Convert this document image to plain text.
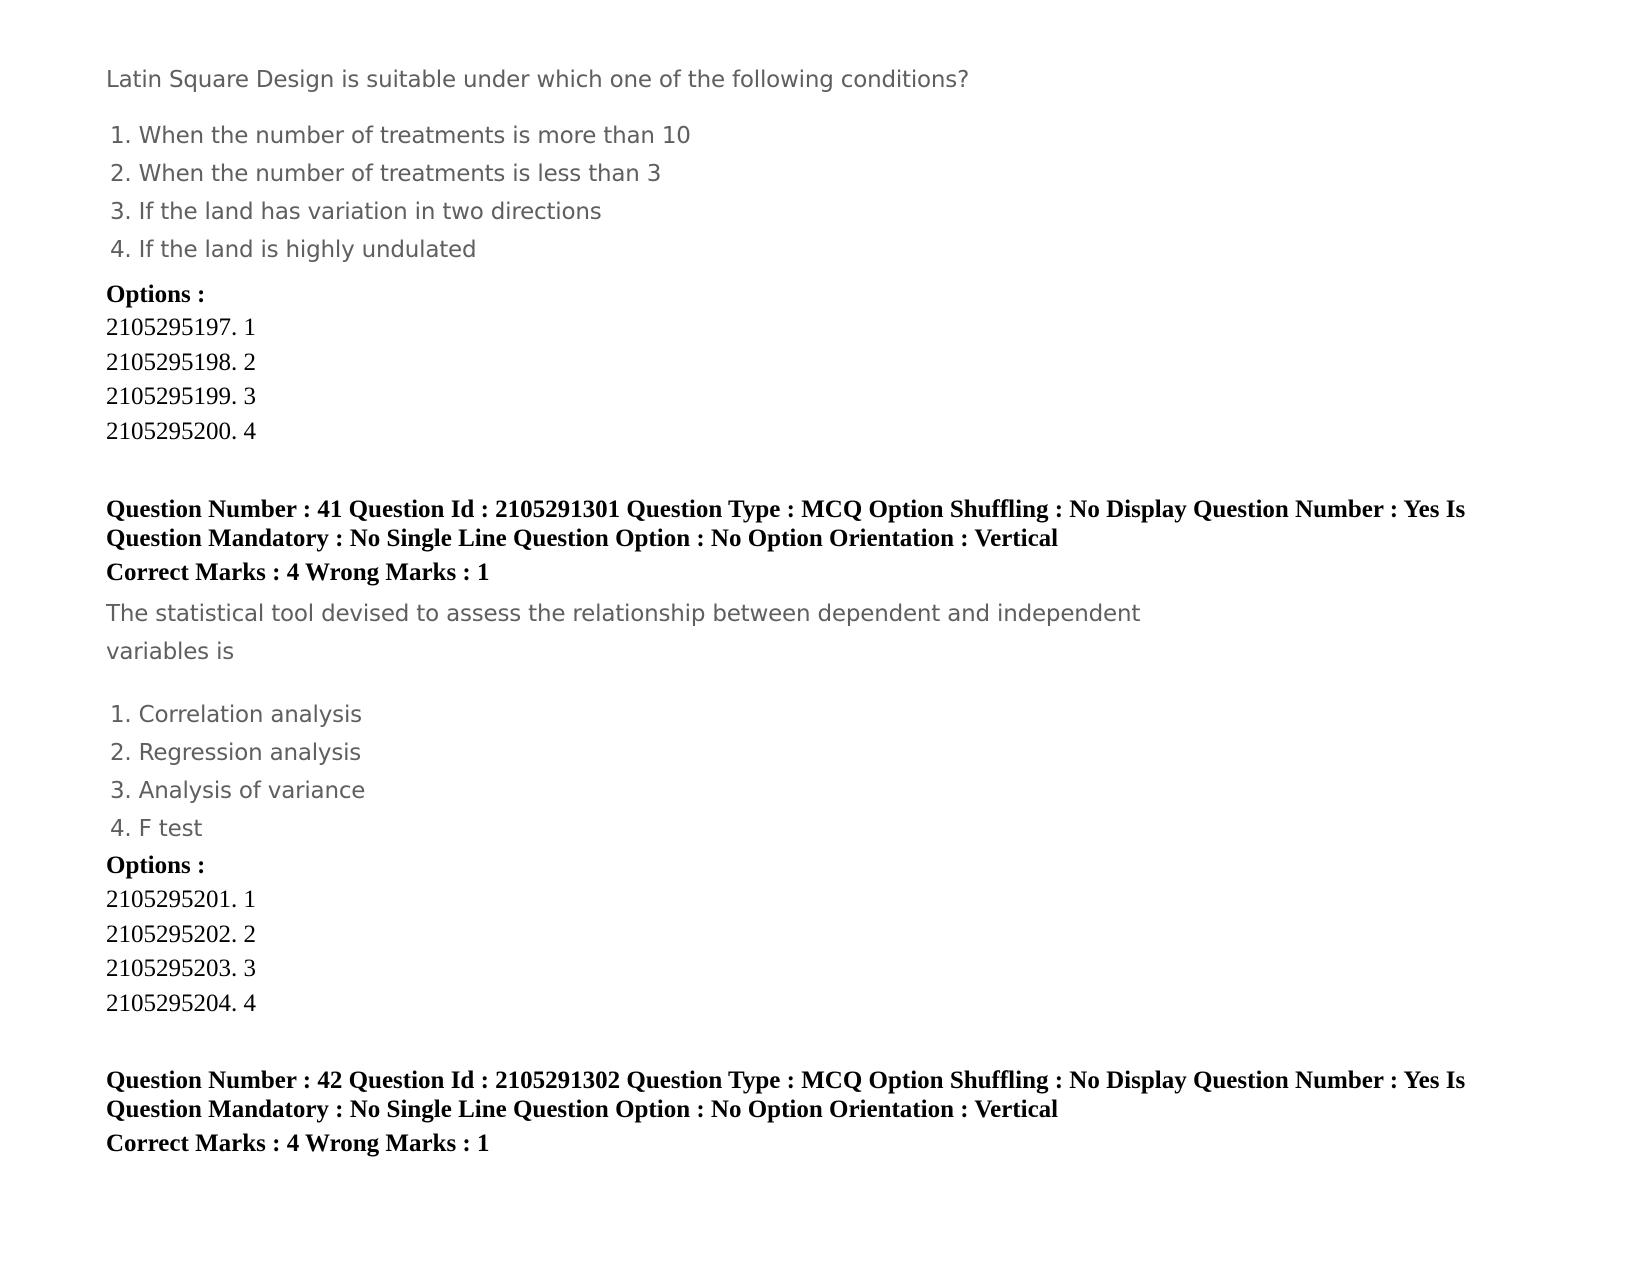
Latin Square Design is suitable under which one of the following conditions?
1. When the number of treatments is more than 10
2. When the number of treatments is less than 3
3. If the land has variation in two directions
4. If the land is highly undulated
Options :
2105295197. 1
2105295198. 2
2105295199. 3
2105295200. 4
Question Number : 41 Question Id : 2105291301 Question Type : MCQ Option Shuffling : No Display Question Number : Yes Is Question Mandatory : No Single Line Question Option : No Option Orientation : Vertical
Correct Marks : 4 Wrong Marks : 1
The statistical tool devised to assess the relationship between dependent and independent
variables is
1. Correlation analysis
2. Regression analysis
3. Analysis of variance
4. F test
Options :
2105295201. 1
2105295202. 2
2105295203. 3
2105295204. 4
Question Number : 42 Question Id : 2105291302 Question Type : MCQ Option Shuffling : No Display Question Number : Yes Is Question Mandatory : No Single Line Question Option : No Option Orientation : Vertical
Correct Marks : 4 Wrong Marks : 1
